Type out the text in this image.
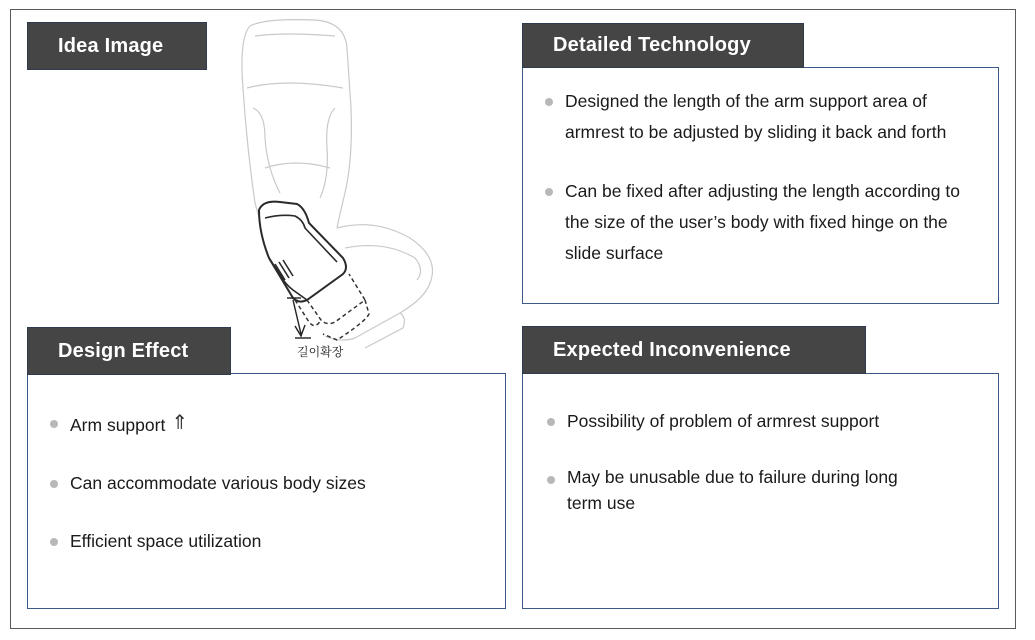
Idea Image
길이확장
Designed the length of the arm support area of armrest to be adjusted by sliding it back and forth
Can be fixed after adjusting the length according to the size of the user’s body with fixed hinge on the slide surface
Detailed Technology
Arm support ⇑
Can accommodate various body sizes
Efficient space utilization
Design Effect
Possibility of problem of armrest support
May be unusable due to failure during long term use
Expected Inconvenience
